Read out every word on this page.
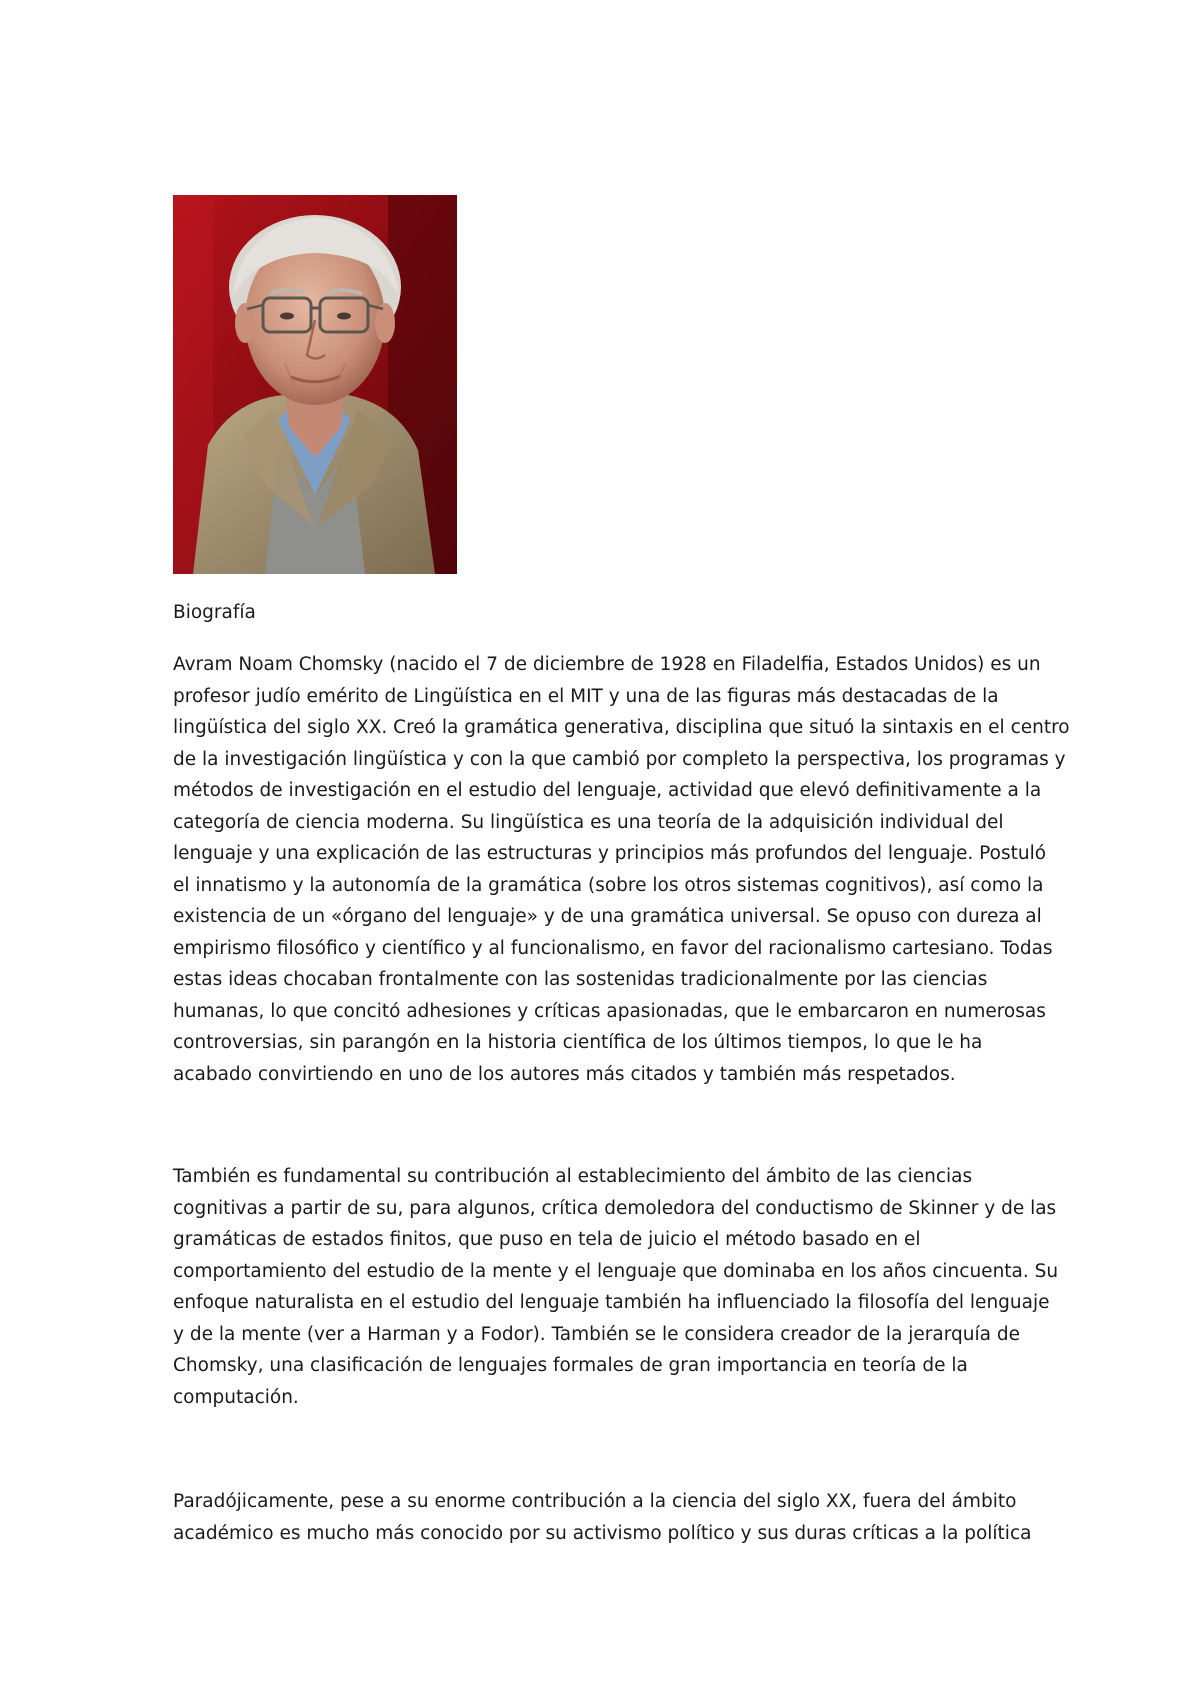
Biografía

Avram Noam Chomsky (nacido el 7 de diciembre de 1928 en Filadelfia, Estados Unidos) es un
profesor judío emérito de Lingüística en el MIT y una de las figuras más destacadas de la
lingüística del siglo XX. Creó la gramática generativa, disciplina que situó la sintaxis en el centro
de la investigación lingüística y con la que cambió por completo la perspectiva, los programas y
métodos de investigación en el estudio del lenguaje, actividad que elevó definitivamente a la
categoría de ciencia moderna. Su lingüística es una teoría de la adquisición individual del
lenguaje y una explicación de las estructuras y principios más profundos del lenguaje. Postuló
el innatismo y la autonomía de la gramática (sobre los otros sistemas cognitivos), así como la
existencia de un «órgano del lenguaje» y de una gramática universal. Se opuso con dureza al
empirismo filosófico y científico y al funcionalismo, en favor del racionalismo cartesiano. Todas
estas ideas chocaban frontalmente con las sostenidas tradicionalmente por las ciencias
humanas, lo que concitó adhesiones y críticas apasionadas, que le embarcaron en numerosas
controversias, sin parangón en la historia científica de los últimos tiempos, lo que le ha
acabado convirtiendo en uno de los autores más citados y también más respetados.

También es fundamental su contribución al establecimiento del ámbito de las ciencias
cognitivas a partir de su, para algunos, crítica demoledora del conductismo de Skinner y de las
gramáticas de estados finitos, que puso en tela de juicio el método basado en el
comportamiento del estudio de la mente y el lenguaje que dominaba en los años cincuenta. Su
enfoque naturalista en el estudio del lenguaje también ha influenciado la filosofía del lenguaje
y de la mente (ver a Harman y a Fodor). También se le considera creador de la jerarquía de
Chomsky, una clasificación de lenguajes formales de gran importancia en teoría de la
computación.

Paradójicamente, pese a su enorme contribución a la ciencia del siglo XX, fuera del ámbito
académico es mucho más conocido por su activismo político y sus duras críticas a la política
